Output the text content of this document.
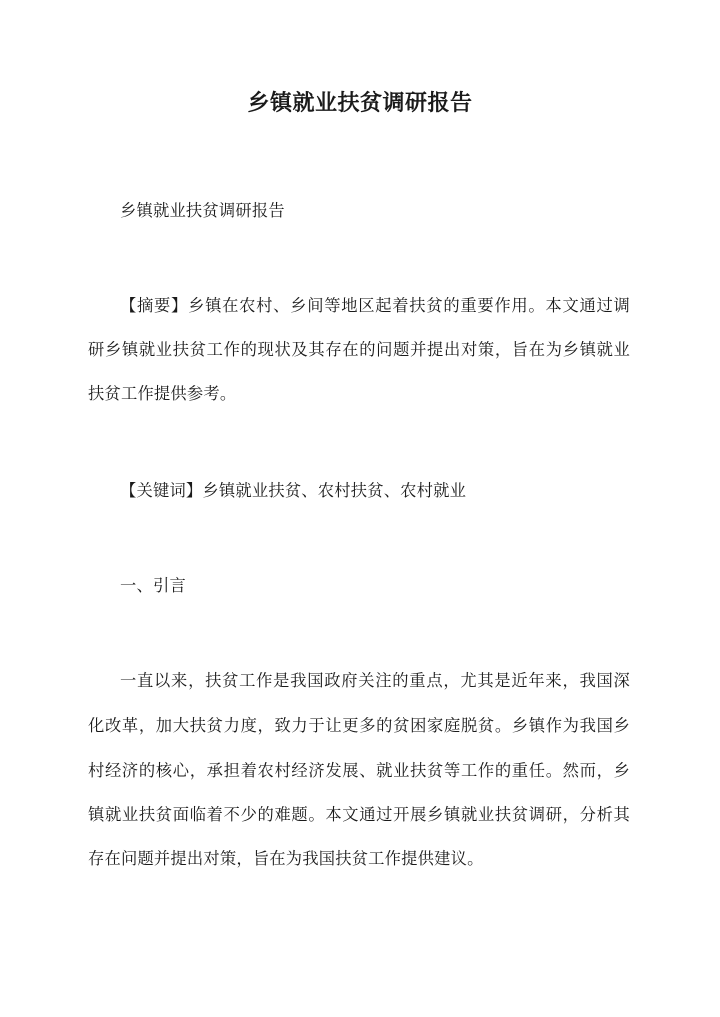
乡镇就业扶贫调研报告
乡镇就业扶贫调研报告
【摘要】乡镇在农村、乡间等地区起着扶贫的重要作用。本文通过调
研乡镇就业扶贫工作的现状及其存在的问题并提出对策，旨在为乡镇就业
扶贫工作提供参考。
【关键词】乡镇就业扶贫、农村扶贫、农村就业
一、引言
一直以来，扶贫工作是我国政府关注的重点，尤其是近年来，我国深
化改革，加大扶贫力度，致力于让更多的贫困家庭脱贫。乡镇作为我国乡
村经济的核心，承担着农村经济发展、就业扶贫等工作的重任。然而，乡
镇就业扶贫面临着不少的难题。本文通过开展乡镇就业扶贫调研，分析其
存在问题并提出对策，旨在为我国扶贫工作提供建议。
